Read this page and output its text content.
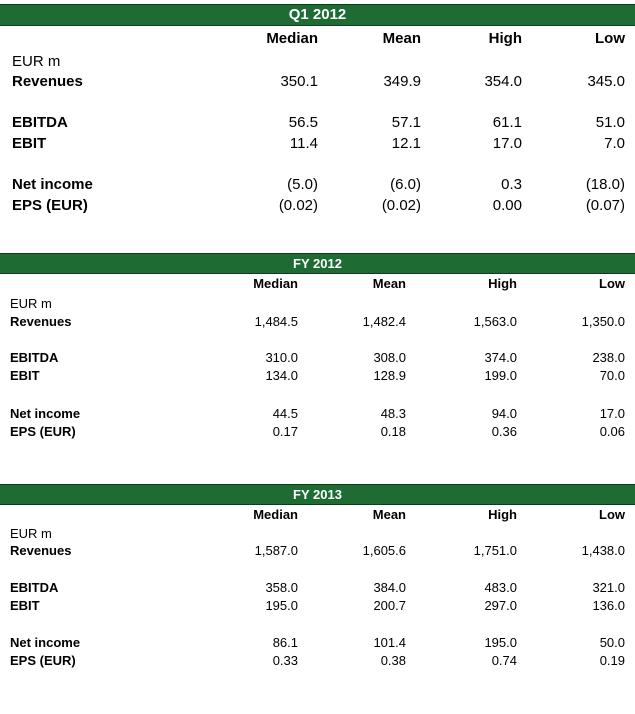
Q1 2012
Median	Mean	High	Low
EUR m
Revenues	350.1	349.9	354.0	345.0
EBITDA	56.5	57.1	61.1	51.0
EBIT	11.4	12.1	17.0	7.0
Net income	(5.0)	(6.0)	0.3	(18.0)
EPS (EUR)	(0.02)	(0.02)	0.00	(0.07)
FY 2012
Median	Mean	High	Low
EUR m
Revenues	1,484.5	1,482.4	1,563.0	1,350.0
EBITDA	310.0	308.0	374.0	238.0
EBIT	134.0	128.9	199.0	70.0
Net income	44.5	48.3	94.0	17.0
EPS (EUR)	0.17	0.18	0.36	0.06
FY 2013
Median	Mean	High	Low
EUR m
Revenues	1,587.0	1,605.6	1,751.0	1,438.0
EBITDA	358.0	384.0	483.0	321.0
EBIT	195.0	200.7	297.0	136.0
Net income	86.1	101.4	195.0	50.0
EPS (EUR)	0.33	0.38	0.74	0.19
